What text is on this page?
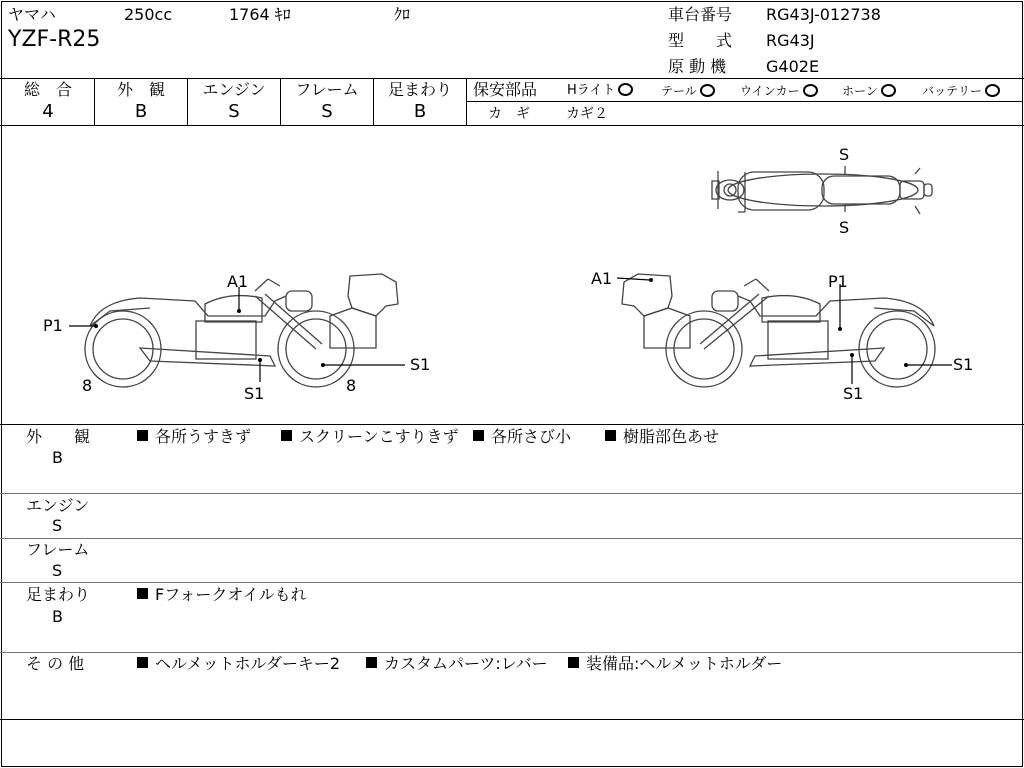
ヤマハ	250cc	1764 ｷﾛ	ｸﾛ
YZF-R25
車台番号 RG43J-012738
型　　式 RG43J
原 動 機 G402E
総　合
4
外　観
B
エンジン
S
フレーム
S
足まわり
B
保安部品 Hライト	テール	ウインカー	ホーン	バッテリー
カ　ギ	カギ２
S
S
A1
P1
8	8
S1
S1
A1	P1
S1
S1
外　　観
B
各所うすきず	スクリーンこすりきず	各所さび小	樹脂部色あせ
エンジン
S
フレーム
S
足まわり
B
Fフォークオイルもれ
そ の 他	ヘルメットホルダーキー2	カスタムパーツ:レバー	装備品:ヘルメットホルダー
